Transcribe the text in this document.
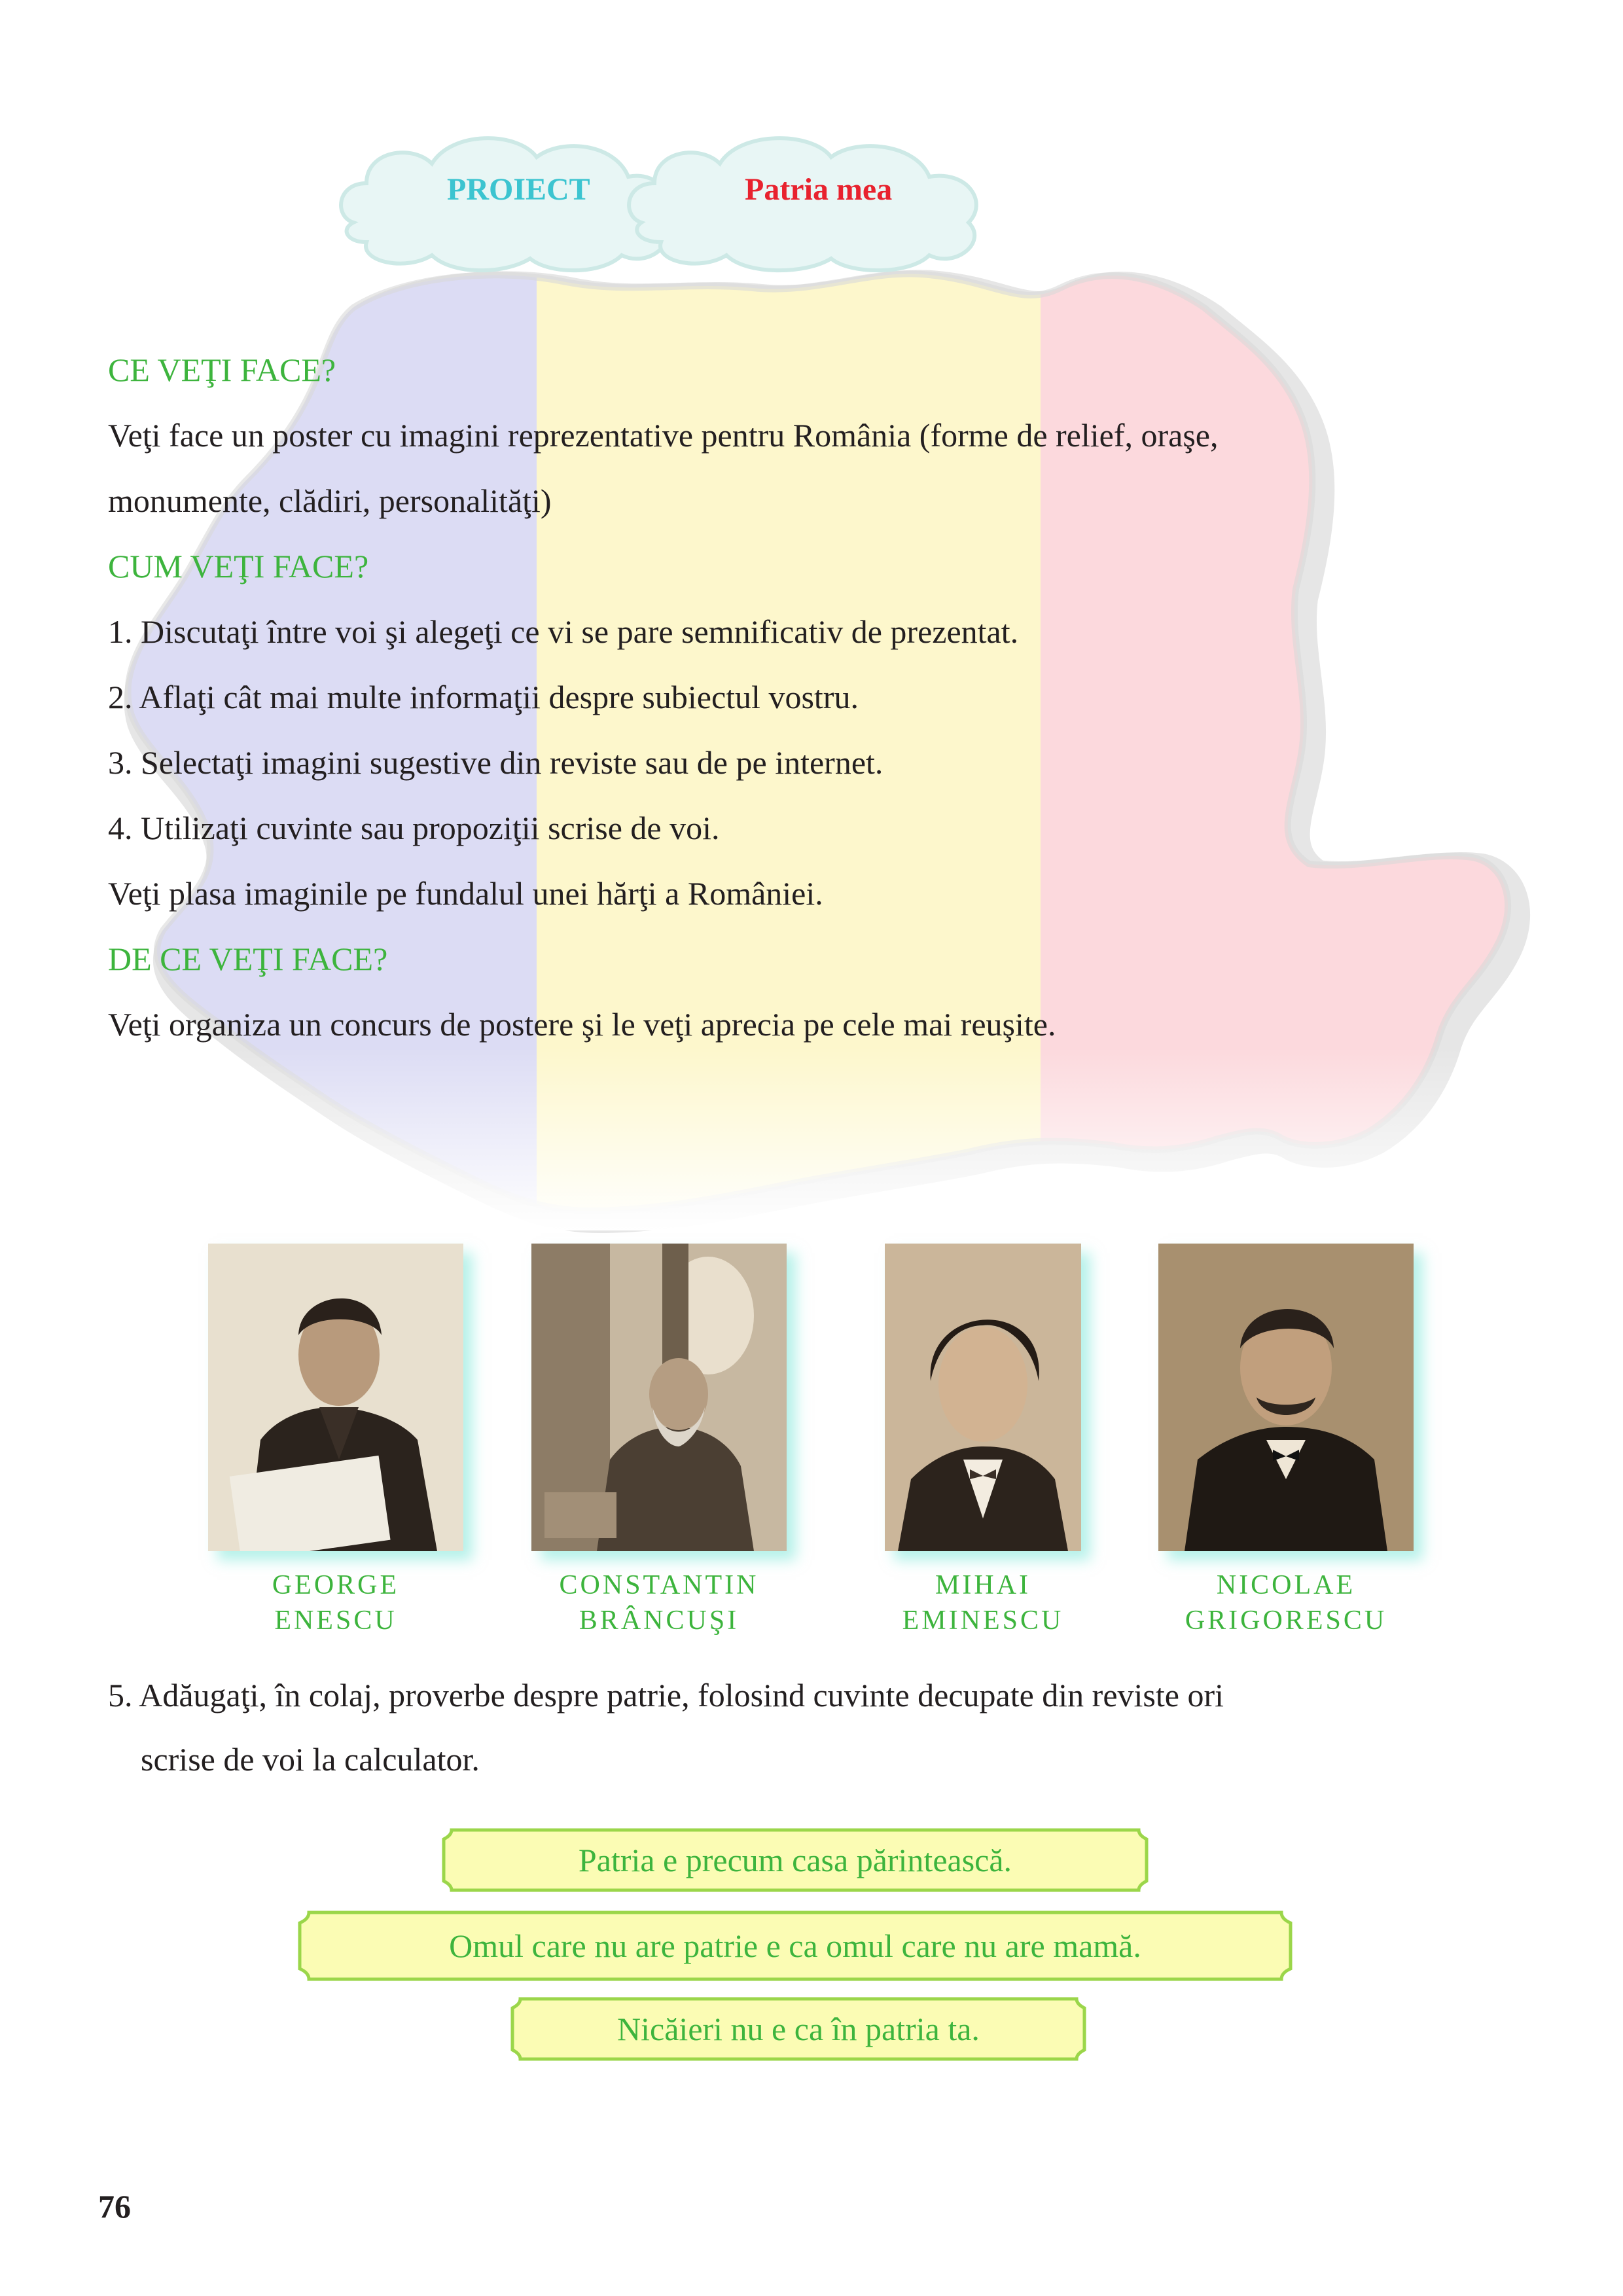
PROIECT	Patria mea
CE VEŢI FACE?
Veţi face un poster cu imagini reprezentative pentru România (forme de relief, oraşe,
monumente, clădiri, personalităţi)
CUM VEŢI FACE?
1. Discutaţi între voi şi alegeţi ce vi se pare semnificativ de prezentat.
2. Aflaţi cât mai multe informaţii despre subiectul vostru.
3. Selectaţi imagini sugestive din reviste sau de pe internet.
4. Utilizaţi cuvinte sau propoziţii scrise de voi.
Veţi plasa imaginile pe fundalul unei hărţi a României.
DE CE VEŢI FACE?
Veţi organiza un concurs de postere şi le veţi aprecia pe cele mai reuşite.
GEORGE
ENESCU
CONSTANTIN
BRÂNCUŞI
MIHAI
EMINESCU
NICOLAE
GRIGORESCU
5. Adăugaţi, în colaj, proverbe despre patrie, folosind cuvinte decupate din reviste ori
scrise de voi la calculator.
Patria e precum casa părintească.
Omul care nu are patrie e ca omul care nu are mamă.
Nicăieri nu e ca în patria ta.
76
